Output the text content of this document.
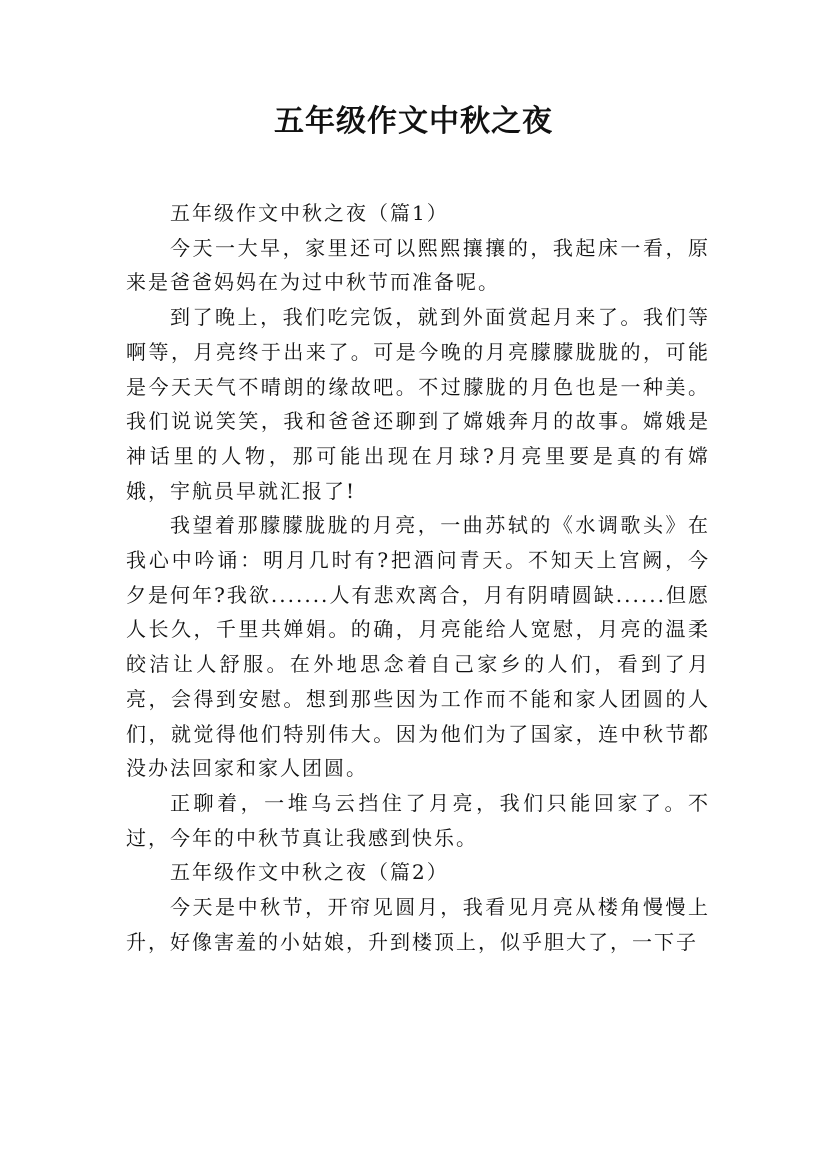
五年级作文中秋之夜

五年级作文中秋之夜（篇1）

今天一大早，家里还可以熙熙攘攘的，我起床一看，原来是爸爸妈妈在为过中秋节而准备呢。

到了晚上，我们吃完饭，就到外面赏起月来了。我们等啊等，月亮终于出来了。可是今晚的月亮朦朦胧胧的，可能是今天天气不晴朗的缘故吧。不过朦胧的月色也是一种美。我们说说笑笑，我和爸爸还聊到了嫦娥奔月的故事。嫦娥是神话里的人物，那可能出现在月球?月亮里要是真的有嫦娥，宇航员早就汇报了!

我望着那朦朦胧胧的月亮，一曲苏轼的《水调歌头》在我心中吟诵：明月几时有?把酒问青天。不知天上宫阙，今夕是何年?我欲.......人有悲欢离合，月有阴晴圆缺......但愿人长久，千里共婵娟。的确，月亮能给人宽慰，月亮的温柔皎洁让人舒服。在外地思念着自己家乡的人们，看到了月亮，会得到安慰。想到那些因为工作而不能和家人团圆的人们，就觉得他们特别伟大。因为他们为了国家，连中秋节都没办法回家和家人团圆。

正聊着，一堆乌云挡住了月亮，我们只能回家了。不过，今年的中秋节真让我感到快乐。

五年级作文中秋之夜（篇2）

今天是中秋节，开帘见圆月，我看见月亮从楼角慢慢上升，好像害羞的小姑娘，升到楼顶上，似乎胆大了，一下子
